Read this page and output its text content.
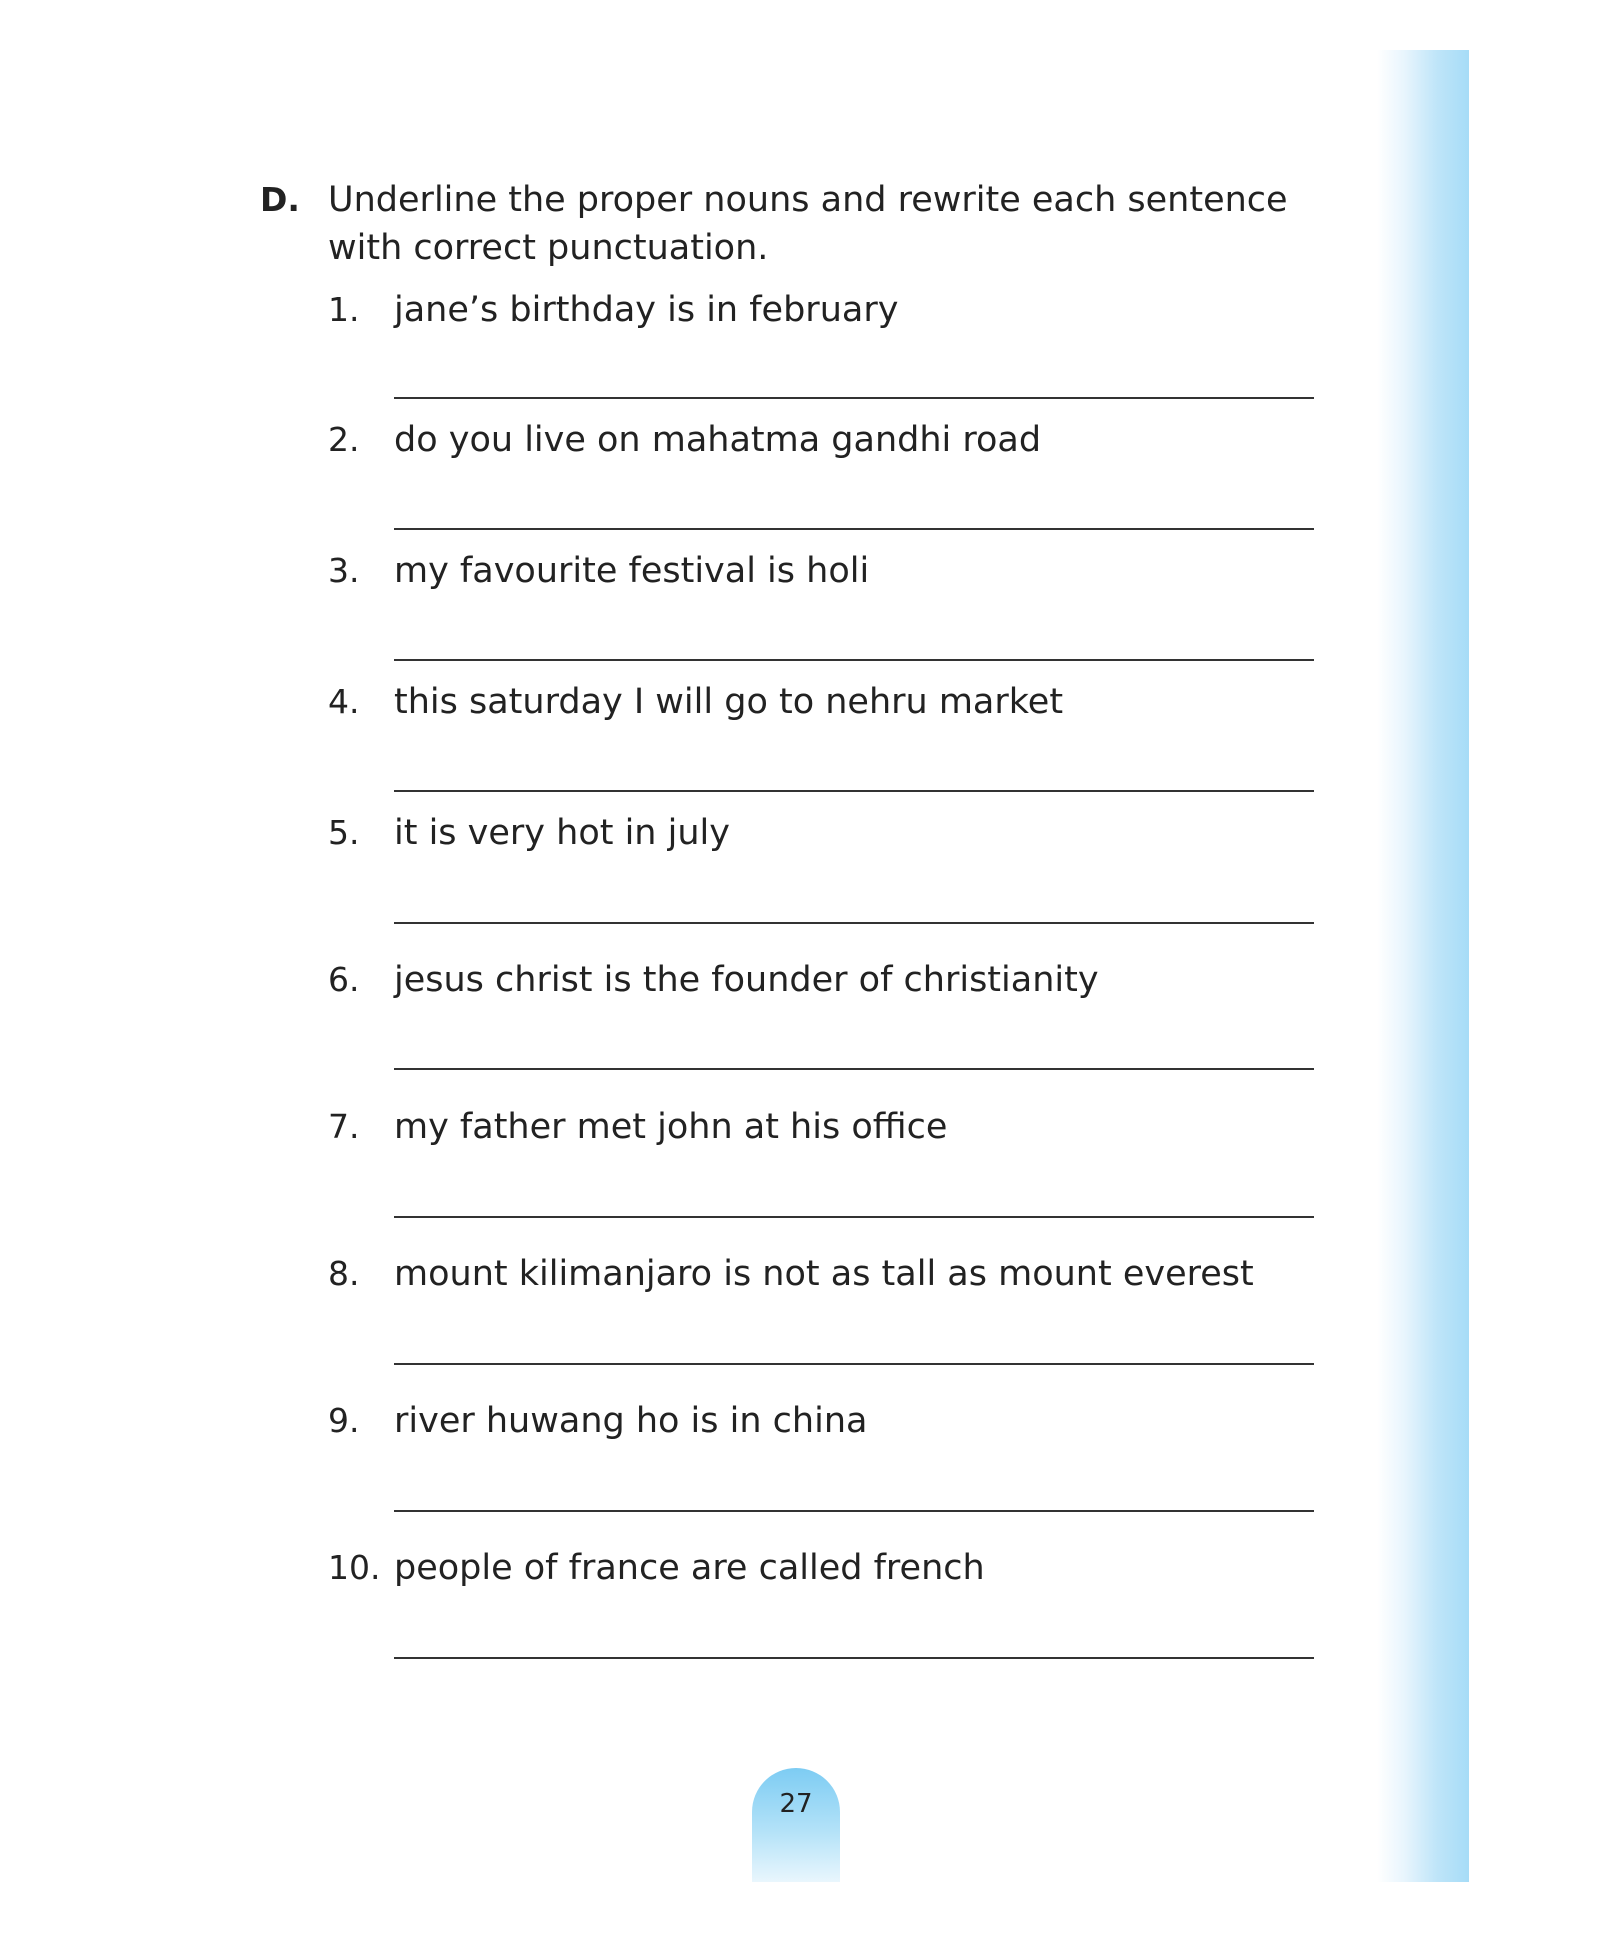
D. Underline the proper nouns and rewrite each sentence with correct punctuation.
1. jane’s birthday is in february
2. do you live on mahatma gandhi road
3. my favourite festival is holi
4. this saturday I will go to nehru market
5. it is very hot in july
6. jesus christ is the founder of christianity
7. my father met john at his office
8. mount kilimanjaro is not as tall as mount everest
9. river huwang ho is in china
10. people of france are called french
27
